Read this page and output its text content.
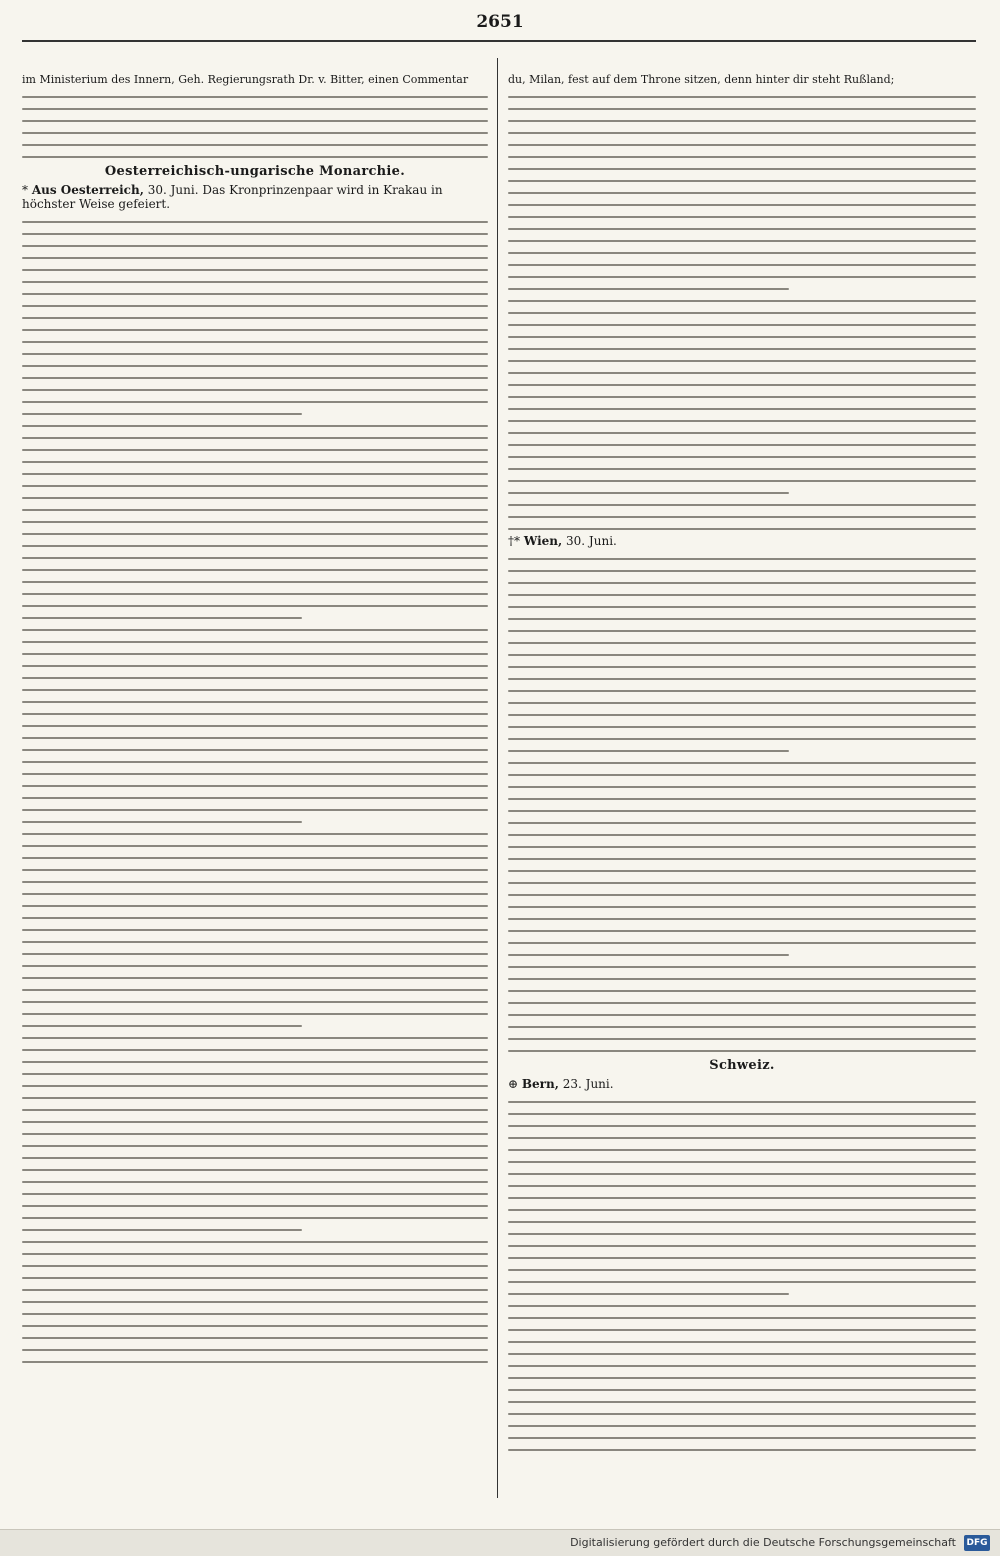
2651
im Ministerium des Innern, Geh. Regierungsrath Dr. v. Bitter, einen Commentar
Oesterreichisch-ungarische Monarchie.
* Aus Oesterreich, 30. Juni. Das Kronprinzenpaar wird in Krakau in höchster Weise gefeiert.
du, Milan, fest auf dem Throne sitzen, denn hinter dir steht Rußland;
†* Wien, 30. Juni.
Schweiz.
⊕ Bern, 23. Juni.
Digitalisierung gefördert durch die Deutsche Forschungsgemeinschaft DFG
